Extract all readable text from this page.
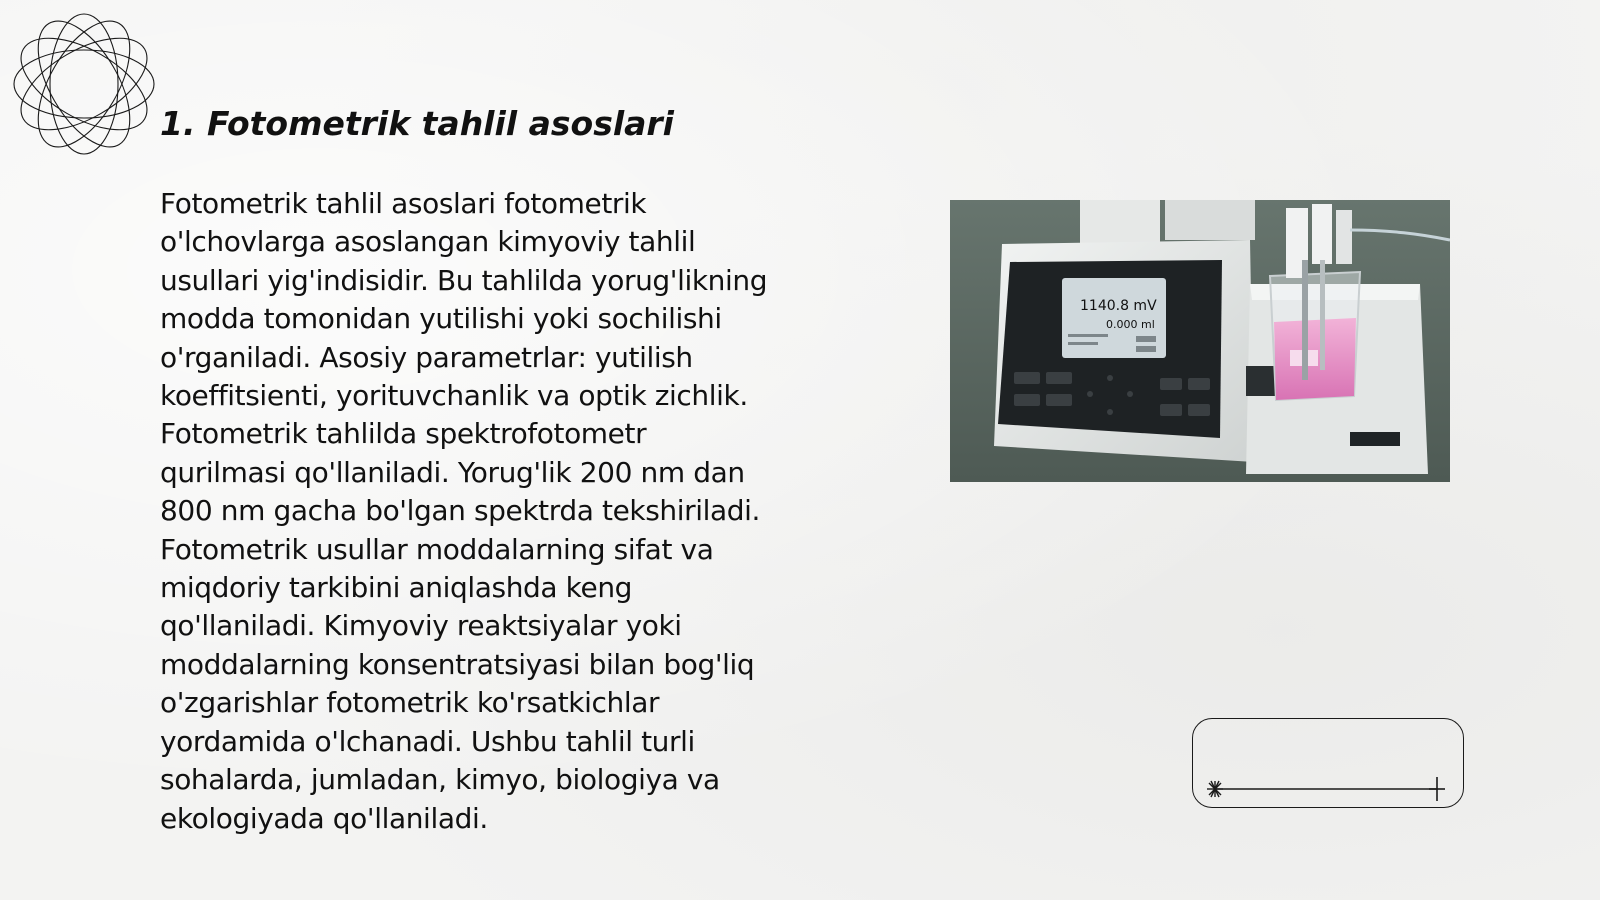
1. Fotometrik tahlil asoslari
Fotometrik tahlil asoslari fotometrik
o'lchovlarga asoslangan kimyoviy tahlil
usullari yig'indisidir. Bu tahlilda yorug'likning
modda tomonidan yutilishi yoki sochilishi
o'rganiladi. Asosiy parametrlar: yutilish
koeffitsienti, yorituvchanlik va optik zichlik.
Fotometrik tahlilda spektrofotometr
qurilmasi qo'llaniladi. Yorug'lik 200 nm dan
800 nm gacha bo'lgan spektrda tekshiriladi.
Fotometrik usullar moddalarning sifat va
miqdoriy tarkibini aniqlashda keng
qo'llaniladi. Kimyoviy reaktsiyalar yoki
moddalarning konsentratsiyasi bilan bog'liq
o'zgarishlar fotometrik ko'rsatkichlar
yordamida o'lchanadi. Ushbu tahlil turli
sohalarda, jumladan, kimyo, biologiya va
ekologiyada qo'llaniladi.
1140.8 mV
0.000 ml
